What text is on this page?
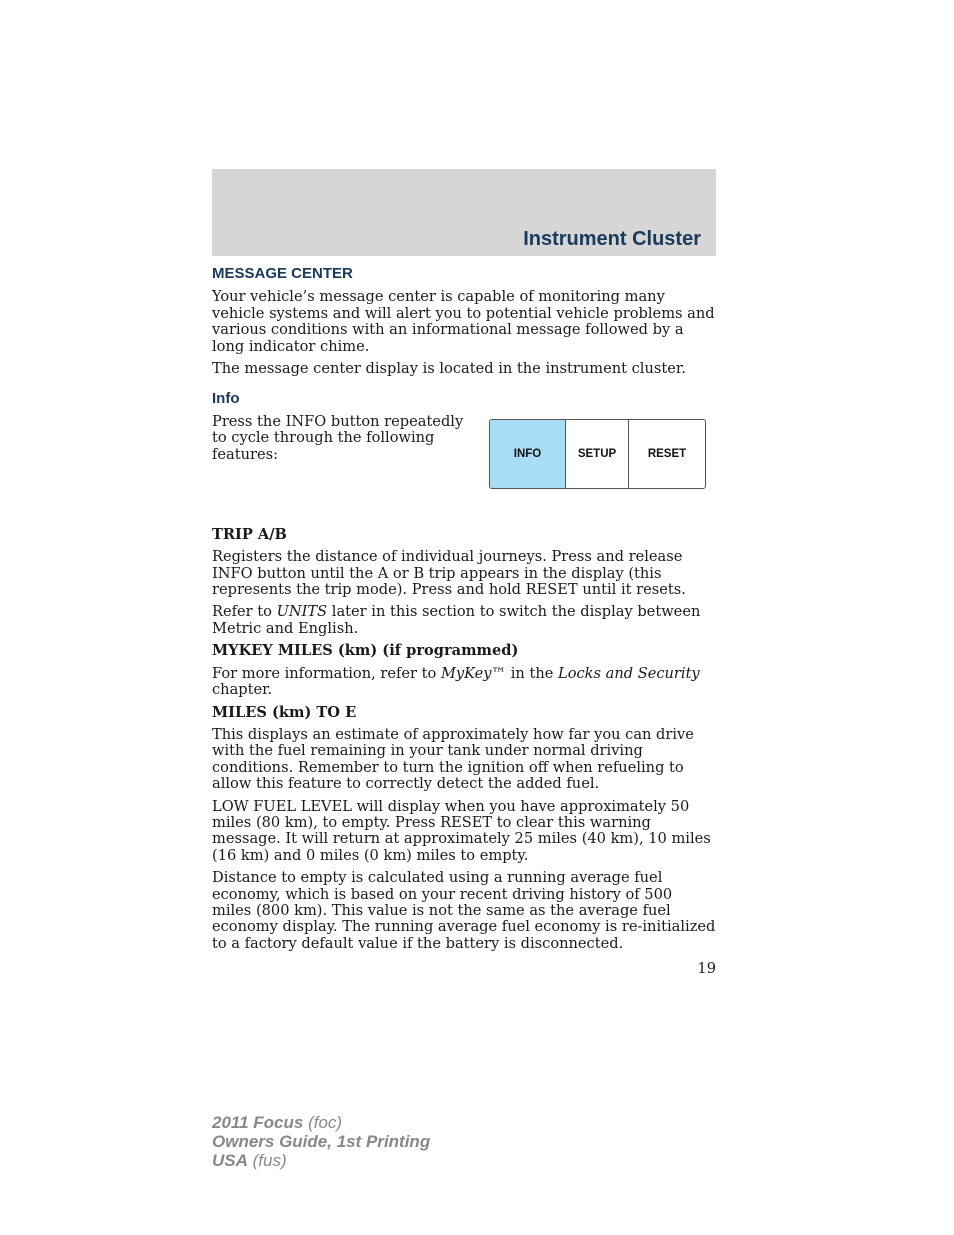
Instrument Cluster
MESSAGE CENTER

Your vehicle’s message center is capable of monitoring many vehicle systems and will alert you to potential vehicle problems and various conditions with an informational message followed by a long indicator chime.

The message center display is located in the instrument cluster.

Info

Press the INFO button repeatedly to cycle through the following features:	INFO	SETUP	RESET
TRIP A/B

Registers the distance of individual journeys. Press and release INFO button until the A or B trip appears in the display (this represents the trip mode). Press and hold RESET until it resets.

Refer to UNITS later in this section to switch the display between Metric and English.

MYKEY MILES (km) (if programmed)

For more information, refer to MyKey™ in the Locks and Security chapter.

MILES (km) TO E

This displays an estimate of approximately how far you can drive with the fuel remaining in your tank under normal driving conditions. Remember to turn the ignition off when refueling to allow this feature to correctly detect the added fuel.

LOW FUEL LEVEL will display when you have approximately 50 miles (80 km), to empty. Press RESET to clear this warning message. It will return at approximately 25 miles (40 km), 10 miles (16 km) and 0 miles (0 km) miles to empty.

Distance to empty is calculated using a running average fuel economy, which is based on your recent driving history of 500 miles (800 km). This value is not the same as the average fuel economy display. The running average fuel economy is re-initialized to a factory default value if the battery is disconnected.

19
2011 Focus (foc)
Owners Guide, 1st Printing
USA (fus)
